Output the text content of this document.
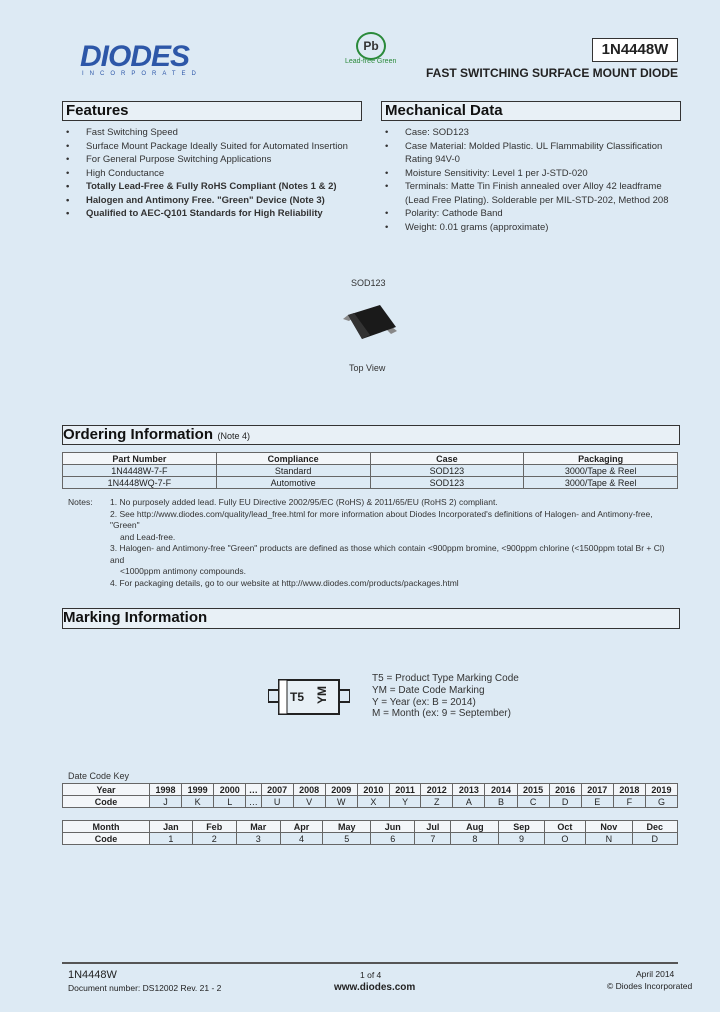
DIODES
INCORPORATED
Pb
Lead-free Green
1N4448W
FAST SWITCHING SURFACE MOUNT DIODE
Features
• Fast Switching Speed
• Surface Mount Package Ideally Suited for Automated Insertion
• For General Purpose Switching Applications
• High Conductance
• Totally Lead-Free & Fully RoHS Compliant (Notes 1 & 2)
• Halogen and Antimony Free. "Green" Device (Note 3)
• Qualified to AEC-Q101 Standards for High Reliability
Mechanical Data
• Case: SOD123
• Case Material: Molded Plastic. UL Flammability Classification Rating 94V-0
• Moisture Sensitivity: Level 1 per J-STD-020
• Terminals: Matte Tin Finish annealed over Alloy 42 leadframe (Lead Free Plating). Solderable per MIL-STD-202, Method 208
• Polarity: Cathode Band
• Weight: 0.01 grams (approximate)
SOD123
Top View
Ordering Information (Note 4)
Part Number	Compliance	Case	Packaging
1N4448W-7-F	Standard	SOD123	3000/Tape & Reel
1N4448WQ-7-F	Automotive	SOD123	3000/Tape & Reel
Notes: 1. No purposely added lead. Fully EU Directive 2002/95/EC (RoHS) & 2011/65/EU (RoHS 2) compliant.
2. See http://www.diodes.com/quality/lead_free.html for more information about Diodes Incorporated's definitions of Halogen- and Antimony-free, "Green"
and Lead-free.
3. Halogen- and Antimony-free "Green" products are defined as those which contain <900ppm bromine, <900ppm chlorine (<1500ppm total Br + Cl) and
<1000ppm antimony compounds.
4. For packaging details, go to our website at http://www.diodes.com/products/packages.html
Marking Information
T5 YM
T5 = Product Type Marking Code
YM = Date Code Marking
Y = Year (ex: B = 2014)
M = Month (ex: 9 = September)
Date Code Key
Year	1998	1999	2000	…	2007	2008	2009	2010	2011	2012	2013	2014	2015	2016	2017	2018	2019
Code	J	K	L	…	U	V	W	X	Y	Z	A	B	C	D	E	F	G
Month	Jan	Feb	Mar	Apr	May	Jun	Jul	Aug	Sep	Oct	Nov	Dec
Code	1	2	3	4	5	6	7	8	9	O	N	D
1N4448W
Document number: DS12002 Rev. 21 - 2
1 of 4
www.diodes.com
April 2014
© Diodes Incorporated
